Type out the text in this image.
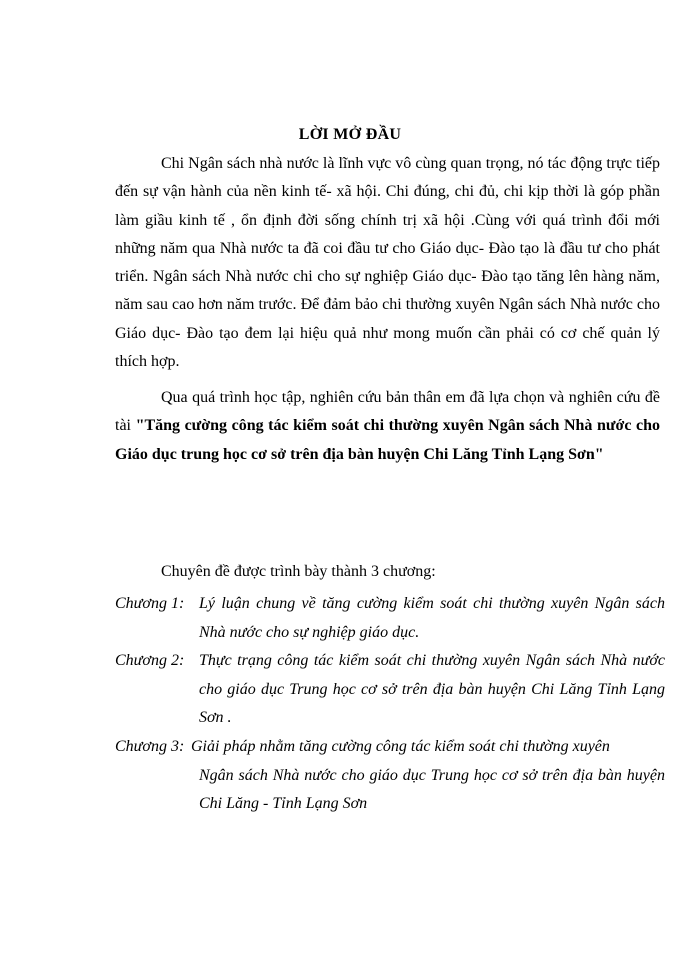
LỜI MỞ ĐẦU

Chi Ngân sách nhà nước là lĩnh vực vô cùng quan trọng, nó tác động trực tiếp đến sự vận hành của nền kinh tế- xã hội. Chi đúng, chi đủ, chi kịp thời là góp phần làm giầu kinh tế , ổn định đời sống chính trị xã hội .Cùng với quá trình đổi mới những năm qua Nhà nước ta đã coi đầu tư cho Giáo dục- Đào tạo là đầu tư cho phát triển. Ngân sách Nhà nước chi cho sự nghiệp Giáo dục- Đào tạo tăng lên hàng năm, năm sau cao hơn năm trước. Để đảm bảo chi thường xuyên Ngân sách Nhà nước cho Giáo dục- Đào tạo đem lại hiệu quả như mong muốn cần phải có cơ chế quản lý thích hợp.

Qua quá trình học tập, nghiên cứu bản thân em đã lựa chọn và nghiên cứu đề tài "Tăng cường công tác kiểm soát chi thường xuyên Ngân sách Nhà nước cho Giáo dục trung học cơ sở trên địa bàn huyện Chi Lăng Tỉnh Lạng Sơn"

Chuyên đề được trình bày thành 3 chương:
Chương 1: Lý luận chung về tăng cường kiểm soát chi thường xuyên Ngân sách Nhà nước cho sự nghiệp giáo dục.
Chương 2: Thực trạng công tác kiểm soát chi thường xuyên Ngân sách Nhà nước cho giáo dục Trung học cơ sở trên địa bàn huyện Chi Lăng Tỉnh Lạng Sơn .
Chương 3: Giải pháp nhằm tăng cường công tác kiểm soát chi thường xuyên
Ngân sách Nhà nước cho giáo dục Trung học cơ sở trên địa bàn huyện Chi Lăng - Tỉnh Lạng Sơn
